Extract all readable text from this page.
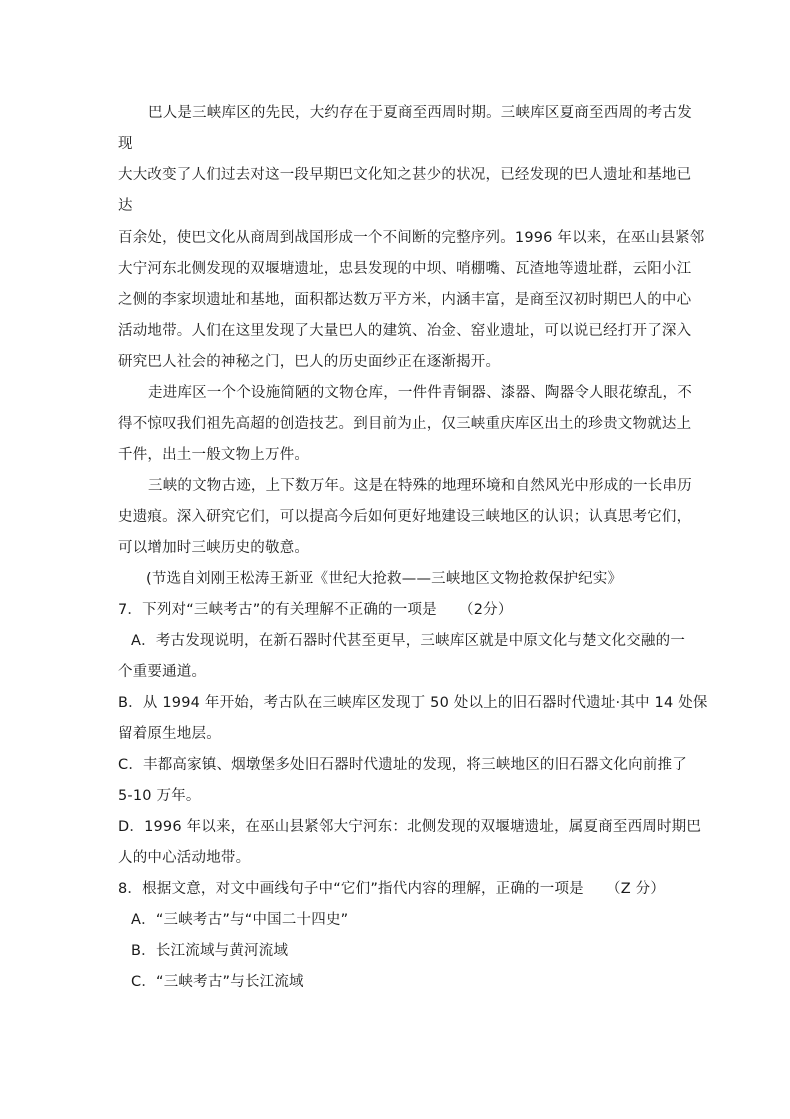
巴人是三峡库区的先民，大约存在于夏商至西周时期。三峡库区夏商至西周的考古发
现
大大改变了人们过去对这一段早期巴文化知之甚少的状况，已经发现的巴人遗址和基地已
达
百余处，使巴文化从商周到战国形成一个不间断的完整序列。1996 年以来，在巫山县紧邻
大宁河东北侧发现的双堰塘遗址，忠县发现的中坝、哨棚嘴、瓦渣地等遗址群，云阳小江
之侧的李家坝遗址和基地，面积都达数万平方米，内涵丰富，是商至汉初时期巴人的中心
活动地带。人们在这里发现了大量巴人的建筑、冶金、窑业遗址，可以说已经打开了深入
研究巴人社会的神秘之门，巴人的历史面纱正在逐渐揭开。
走进库区一个个设施简陋的文物仓库，一件件青铜器、漆器、陶器令人眼花缭乱，不
得不惊叹我们祖先高超的创造技艺。到目前为止，仅三峡重庆库区出土的珍贵文物就达上
千件，出土一般文物上万件。
三峡的文物古迹，上下数万年。这是在特殊的地理环境和自然风光中形成的一长串历
史遗痕。深入研究它们，可以提高今后如何更好地建设三峡地区的认识；认真思考它们，
可以增加时三峡历史的敬意。
(节选自刘刚王松涛王新亚《世纪大抢救——三峡地区文物抢救保护纪实》
7．下列对“三峡考古”的有关理解不正确的一项是　　（2分）
A．考古发现说明，在新石器时代甚至更早，三峡库区就是中原文化与楚文化交融的一
个重要通道。
B．从 1994 年开始，考古队在三峡库区发现丁 50 处以上的旧石器时代遗址·其中 14 处保
留着原生地层。
C．丰都高家镇、烟墩堡多处旧石器时代遗址的发现，将三峡地区的旧石器文化向前推了
5-10 万年。
D．1996 年以来，在巫山县紧邻大宁河东：北侧发现的双堰塘遗址，属夏商至西周时期巴
人的中心活动地带。
8．根据文意，对文中画线句子中“它们”指代内容的理解，正确的一项是　　（Z 分）
A．“三峡考古”与“中国二十四史”
B．长江流域与黄河流域
C．“三峡考古”与长江流域
